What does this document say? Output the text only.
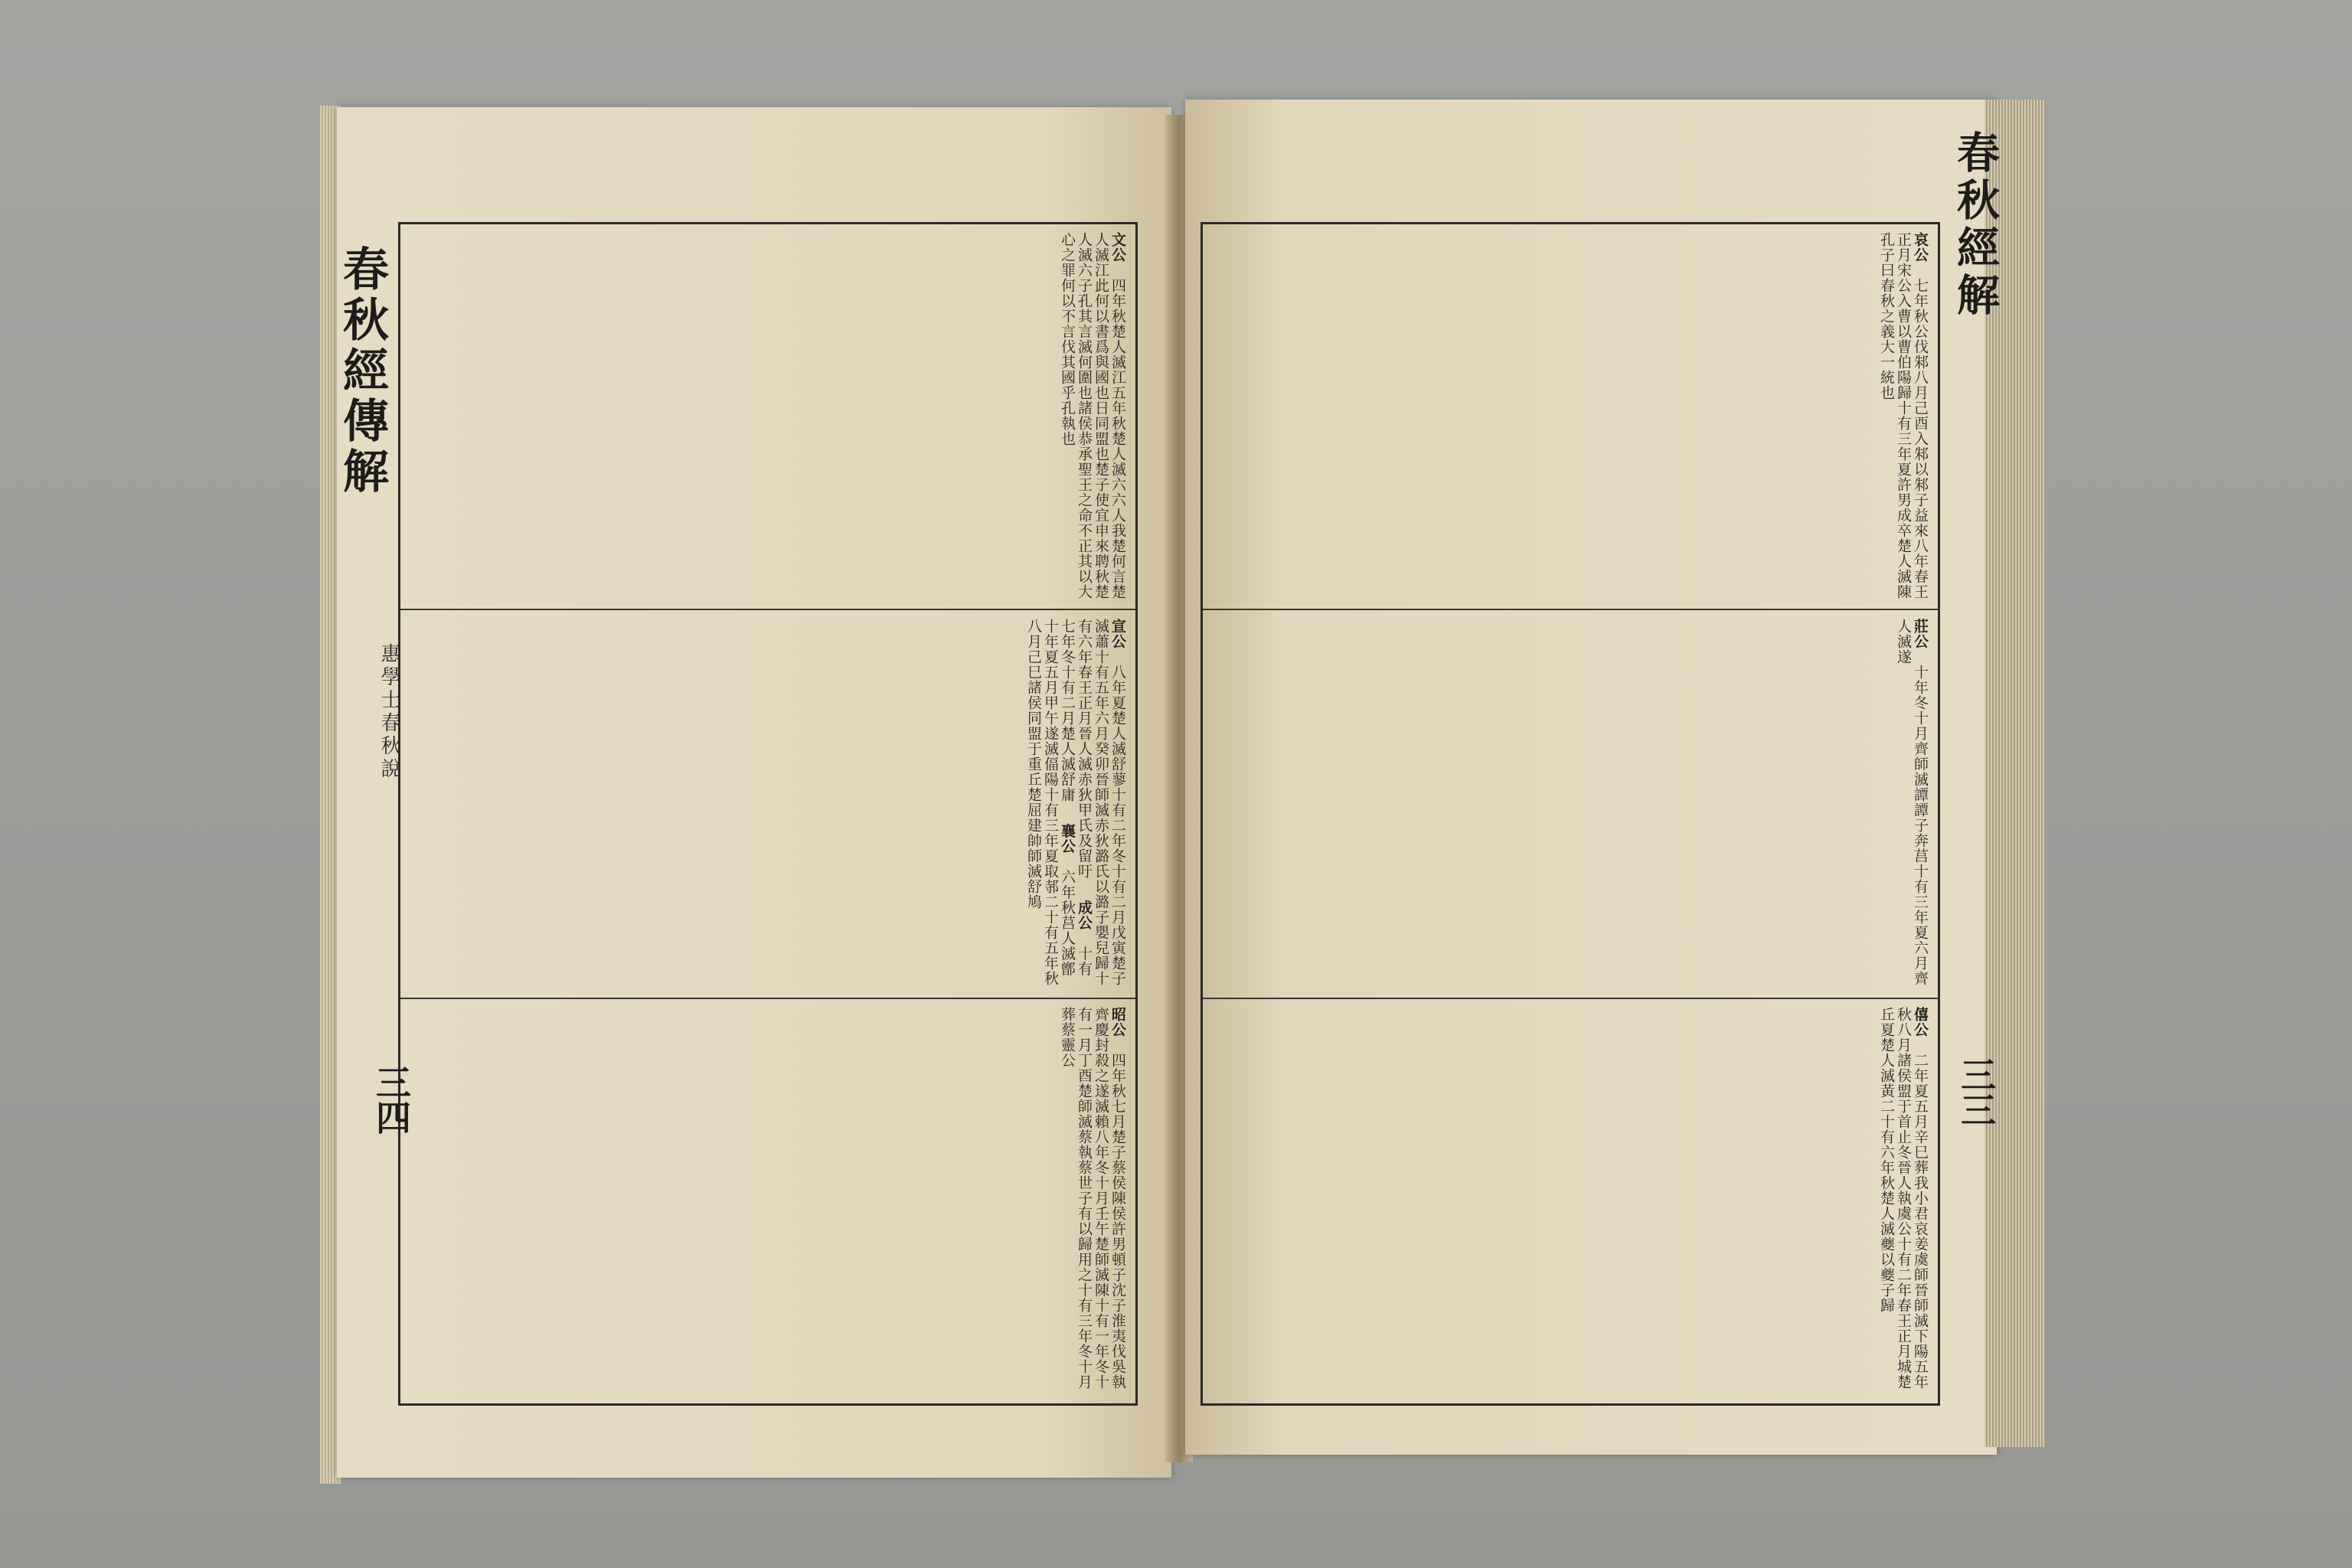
春秋經傳解	文公　四年秋楚人滅江五年秋楚人滅六六人我楚何言楚人滅江此何以書爲與國也日同盟也楚子使宜申來聘秋楚人滅六子孔其言滅何圍也諸侯恭承聖王之命不正其以大心之罪何以不言伐其國乎孔執也
宣公　八年夏楚人滅舒蓼十有二年冬十有二月戊寅楚子滅蕭十有五年六月癸卯晉師滅赤狄潞氏以潞子嬰兒歸十有六年春王正月晉人滅赤狄甲氏及留吁 　成公　十有七年冬十有二月楚人滅舒庸 　襄公　六年秋莒人滅鄫十年夏五月甲午遂滅偪陽十有三年夏取邿二十有五年秋八月己巳諸侯同盟于重丘楚屈建帥師滅舒鳩
昭公　四年秋七月楚子蔡侯陳侯許男頓子沈子淮夷伐吳執齊慶封殺之遂滅賴八年冬十月壬午楚師滅陳十有一年冬十有一月丁酉楚師滅蔡執蔡世子有以歸用之十有三年冬十月葬蔡靈公
惠學士春秋說
三四
哀公　七年秋公伐邾八月己酉入邾以邾子益來八年春王正月宋公入曹以曹伯陽歸十有三年夏許男成卒楚人滅陳孔子曰春秋之義大一統也
莊公　十年冬十月齊師滅譚譚子奔莒十有三年夏六月齊人滅遂
僖公　二年夏五月辛巳葬我小君哀姜虞師晉師滅下陽五年秋八月諸侯盟于首止冬晉人執虞公十有二年春王正月城楚丘夏楚人滅黃二十有六年秋楚人滅夔以夔子歸
春秋經解
三三
